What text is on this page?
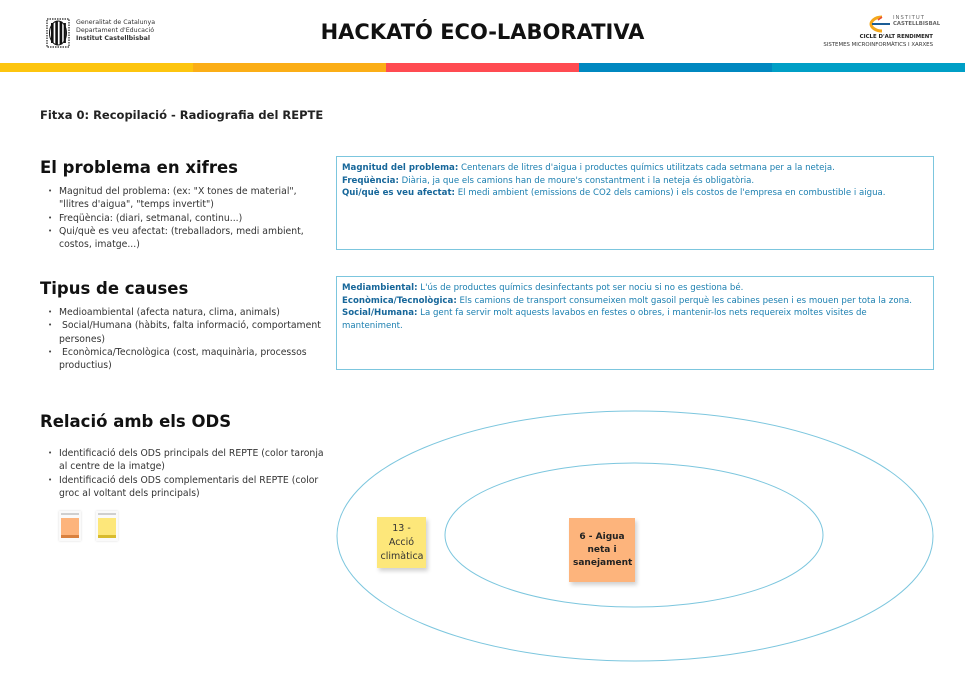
Generalitat de Catalunya
Departament d'Educació
Institut Castellbisbal	HACKATÓ ECO-LABORATIVA
INSTITUT
CASTELLBISBAL
CICLE D'ALT RENDIMENT
SISTEMES MICROINFORMÀTICS I XARXES
Fitxa 0: Recopilació - Radiografia del REPTE
El problema en xifres
• Magnitud del problema: (ex: "X tones de material", "llitres d'aigua", "temps invertit")
• Freqüència: (diari, setmanal, continu...)
• Qui/què es veu afectat: (treballadors, medi ambient, costos, imatge...)
Magnitud del problema: Centenars de litres d'aigua i productes químics utilitzats cada setmana per a la neteja.
Freqüència: Diària, ja que els camions han de moure's constantment i la neteja és obligatòria.
Qui/què es veu afectat: El medi ambient (emissions de CO2 dels camions) i els costos de l'empresa en combustible i aigua.
Tipus de causes
• Medioambiental (afecta natura, clima, animals)
•  Social/Humana (hàbits, falta informació, comportament persones)
•  Econòmica/Tecnològica (cost, maquinària, processos productius)
Mediambiental: L'ús de productes químics desinfectants pot ser nociu si no es gestiona bé.
Econòmica/Tecnològica: Els camions de transport consumeixen molt gasoil perquè les cabines pesen i es mouen per tota la zona.
Social/Humana: La gent fa servir molt aquests lavabos en festes o obres, i mantenir-los nets requereix moltes visites de manteniment.
Relació amb els ODS
• Identificació dels ODS principals del REPTE (color taronja al centre de la imatge)
• Identificació dels ODS complementaris del REPTE (color groc al voltant dels principals)
13 - Acció climàtica
6 - Aigua neta i sanejament
